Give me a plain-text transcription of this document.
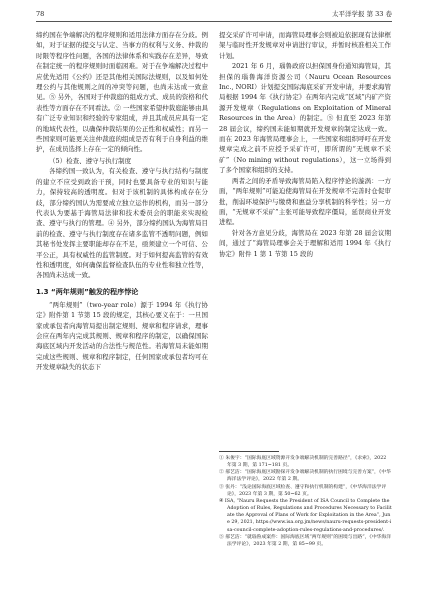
78	太平洋学报 第 33 卷

缔约国在争端解决的程序规则和适用法律方面存在分歧。例如，对于证据的提交与认定、当事方的权利与义务、仲裁的时限等程序性问题，各国的法律体系和实践存在差异，导致在制定统一的程序规则时面临困难。对于在争端解决过程中应优先适用《公约》还是其他相关国际法规则，以及如何处理公约与其他规则之间的冲突等问题，也尚未达成一致意见。⑤ 另外，各国对于仲裁庭的组成方式、成员的资格和代表性等方面存在不同看法。② 一些国家希望仲裁庭能够由具有广泛专业知识和经验的专家组成，并且其成员应具有一定的地域代表性，以确保仲裁结果的公正性和权威性；而另一些国家则可能更关注仲裁庭的组成是否有利于自身利益的维护，在成员选择上存在一定的倾向性。

（5）检查、遵守与执行制度

各缔约国一致认为，有关检查、遵守与执行结构与制度的建立不应受到政治干预，同时也要具备专业的知识与能力，保持较高的透明度。但对于该机制的具体构成存在分歧，部分缔约国认为需要成立独立运作的机构，而另一部分代表认为要基于海管局法律和技术委员会的职能来实现检查、遵守与执行的管理。④ 另外，部分缔约国认为海管局目前的检查、遵守与执行制度存在诸多监管不透明问题，例如其秘书处发挥主要职能却存在不足，亟须建立一个可信、公平公正，具有权威性的监管制度。对于如何提高监管的有效性和透明度，如何确保监督检查队伍的专业性和独立性等，各国尚未达成一致。

1.3 “两年规则”触发的程序悖论

“两年规则”（two-year role）源于 1994 年《执行协定》附件第 1 节第 15 段的规定，其核心要义在于：一旦国家或承包者向海管局提出制定规则、规章和程序请求，理事会应在两年内完成其规则、规章和程序的制定，以确保国际海底区域内开发活动的合法性与规范性。若海管局未能如期完成这些规则、规章和程序制定，任何国家或承包者均可在开发规章缺失的状态下

提交采矿许可申请，而海管局理事会则被迫依据现有法律框架与临时性开发规章对申请进行审议，并暂时核准相关工作计划。

2021 年 6 月，瑙鲁政府以担保国身份通知海管局，其担保的瑙鲁海洋资源公司（Nauru Ocean Resources Inc., NORI）计划提交国际海底采矿开发申请，并要求海管局根据 1994 年《执行协定》在两年内完成“区域”内矿产资源开发规章（Regulations on Exploitation of Mineral Resources in the Area）的制定。⑤ 但直至 2023 年第 28 届会议，缔约国未能如期就开发规章的制定达成一致。而在 2023 年海管局理事会上，一些国家和组织呼吁在开发规章完成之前不应授予采矿许可，即所谓的“无规章不采矿”（No mining without regulations），这一立场得到了多个国家和组织的支持。

两者之间的矛盾导致海管局陷入程序悖论的漩涡：一方面，“两年规则”可能迫使海管局在开发规章不完善时仓促审批，削弱环境保护与缴费和惠益分享机制的科学性；另一方面，“无规章不采矿”主张可能导致程序僵局，延误商业开发进程。

针对各方意见分歧，海管局在 2023 年第 28 届会议期间，通过了“海管局理事会关于理解和适用 1994 年《执行协定》附件 1 第 1 节第 15 段的

① 朱俊宇：“国际海底区域资源开发争端解决机制的完善路径”，《求索》，2022 年第 3 期，第 171~181 页。
② 郝艺洁：“国际海底区域勘探开发争端解决机制的执行困境与完善方案”，《中华海洋法学评论》，2022 年第 2 期。
③ 张丹：“浅论国际海底区域检查、遵守和执行机制的构建”，《中华海洋法学评论》，2023 年第 3 期，第 50~62 页。
④ ISA, “Nauru Requests the President of ISA Council to Complete the Adoption of Rules, Regulations and Procedures Necessary to Facilitate the Approval of Plans of Work for Exploitation in the Area”, June 29, 2021, https://www.isa.org.jm/news/nauru-requests-president-isa-council-complete-adoption-rules-regulations-and-procedures/.
⑤ 郝艺洁：“就瑙鲁成案件：国际海底区域“两年规则”的困境与出路”，《中华海洋法学评论》，2023 年第 2 期，第 85~99 页。
